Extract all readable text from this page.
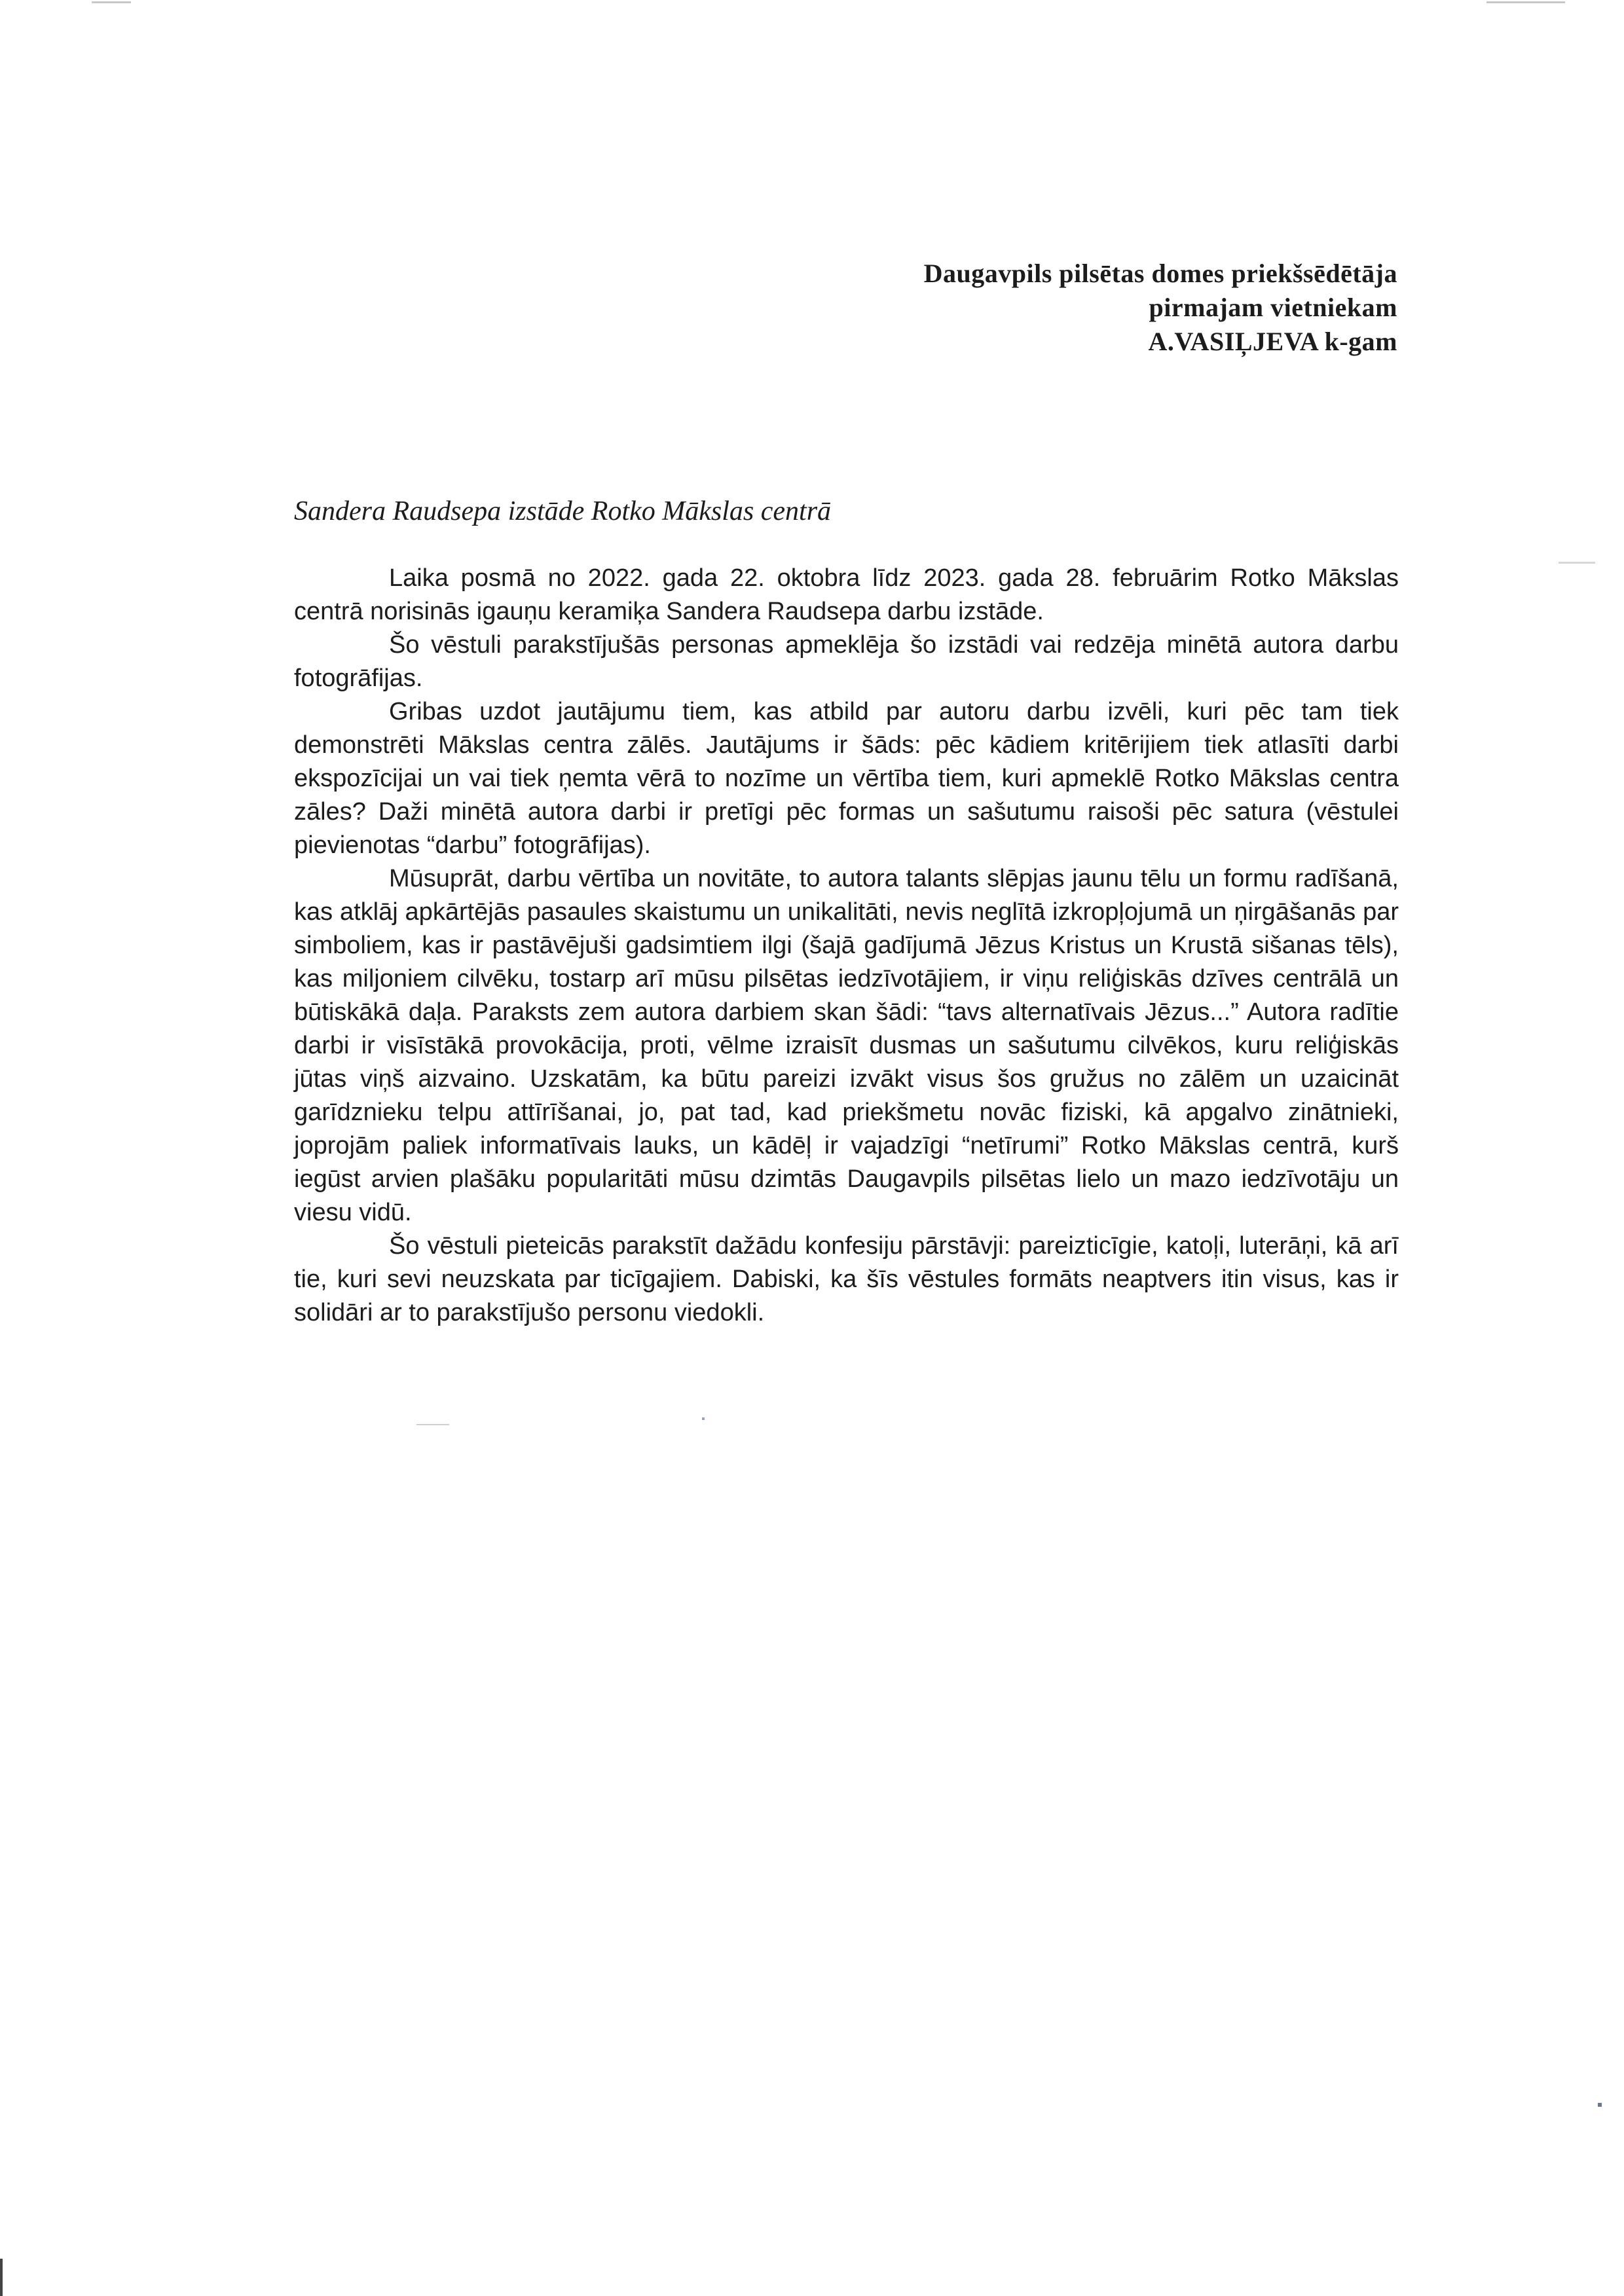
Daugavpils pilsētas domes priekšsēdētāja
pirmajam vietniekam
A.VASIĻJEVA k-gam
Sandera Raudsepa izstāde Rotko Mākslas centrā

Laika posmā no 2022. gada 22. oktobra līdz 2023. gada 28. februārim Rotko Mākslas centrā norisinās igauņu keramiķa Sandera Raudsepa darbu izstāde.

Šo vēstuli parakstījušās personas apmeklēja šo izstādi vai redzēja minētā autora darbu fotogrāfijas.

Gribas uzdot jautājumu tiem, kas atbild par autoru darbu izvēli, kuri pēc tam tiek demonstrēti Mākslas centra zālēs. Jautājums ir šāds: pēc kādiem kritērijiem tiek atlasīti darbi ekspozīcijai un vai tiek ņemta vērā to nozīme un vērtība tiem, kuri apmeklē Rotko Mākslas centra zāles? Daži minētā autora darbi ir pretīgi pēc formas un sašutumu raisoši pēc satura (vēstulei pievienotas “darbu” fotogrāfijas).

Mūsuprāt, darbu vērtība un novitāte, to autora talants slēpjas jaunu tēlu un formu radīšanā, kas atklāj apkārtējās pasaules skaistumu un unikalitāti, nevis neglītā izkropļojumā un ņirgāšanās par simboliem, kas ir pastāvējuši gadsimtiem ilgi (šajā gadījumā Jēzus Kristus un Krustā sišanas tēls), kas miljoniem cilvēku, tostarp arī mūsu pilsētas iedzīvotājiem, ir viņu reliģiskās dzīves centrālā un būtiskākā daļa. Paraksts zem autora darbiem skan šādi: “tavs alternatīvais Jēzus...” Autora radītie darbi ir visīstākā provokācija, proti, vēlme izraisīt dusmas un sašutumu cilvēkos, kuru reliģiskās jūtas viņš aizvaino. Uzskatām, ka būtu pareizi izvākt visus šos gružus no zālēm un uzaicināt garīdznieku telpu attīrīšanai, jo, pat tad, kad priekšmetu novāc fiziski, kā apgalvo zinātnieki, joprojām paliek informatīvais lauks, un kādēļ ir vajadzīgi “netīrumi” Rotko Mākslas centrā, kurš iegūst arvien plašāku popularitāti mūsu dzimtās Daugavpils pilsētas lielo un mazo iedzīvotāju un viesu vidū.

Šo vēstuli pieteicās parakstīt dažādu konfesiju pārstāvji: pareizticīgie, katoļi, luterāņi, kā arī tie, kuri sevi neuzskata par ticīgajiem. Dabiski, ka šīs vēstules formāts neaptvers itin visus, kas ir solidāri ar to parakstījušo personu viedokli.
